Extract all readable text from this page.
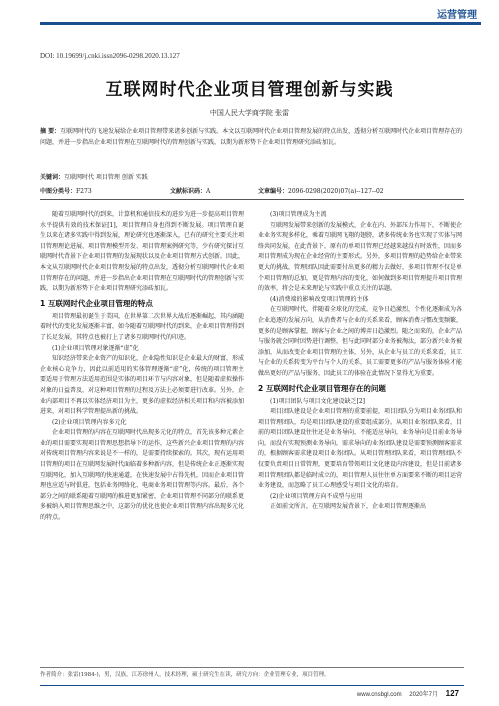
运营管理
DOI: 10.19699/j.cnki.issn2096-0298.2020.13.127
互联网时代企业项目管理创新与实践
中国人民大学商学院 张雷
摘 要：互联网时代的飞速发展给企业项目管理带来诸多创新与实践。本文以互联网时代企业项目管理发展的特点出发，透彻分析互联网时代企业项目管理存在的问题，并进一步指出企业项目管理在互联网时代的管理创新与实践，以期为新形势下企业项目管理研究添砖加瓦。
关键词：互联网时代 项目管理 创新 实践
中图分类号：F273	文献标识码：A	文章编号：2096-0298(2020)07(a)--127--02

随着互联网时代的到来，计算机和通信技术的进步为进一步提高项目管理水平提供有效的技术保证[1]，项目管理自身也得到不断发展。项目管理自诞生以来在诸多实践中得到发展，理论研究也逐渐深入，已有的研究主要关注项目管理理论进展、项目管理模型开发、项目管理案例研究等，少有研究探讨互联网时代背景下企业项目管理的发展现状以及企业项目管理方式创新。因此，本文从互联网时代企业项目管理发展的特点出发，透彻分析互联网时代企业项目管理存在的问题，并进一步指出企业项目管理在互联网时代的管理创新与实践，以期为新形势下企业项目管理研究添砖加瓦。

1 互联网时代企业项目管理的特点

项目管理最初诞生于美国，在世界第二次世界大战后逐渐崛起，其内涵随着时代的变化发展逐渐丰富，如今随着互联网时代的到来，企业项目管理得到了长足发展，其特点也被打上了诸多互联网时代的印迹。

(1)企业项目管理对象逐渐“虚”化

知识经济带来企业资产的知识化，企业隐性知识是企业最大的财富，形成企业核心竞争力，因此以前适用的实体管理逐渐“虚”化，传统的项目管理主要适用于管理方法适用范围是实体的项目环节与内容对象，但是随着虚拟操作对象的日益普及，对这种项目管理的过程及方法上必须要进行改革。另外，企业内部项目不再以实体经济项目为主，更多的虚拟经济相关项目和内容被添加进来，对项目科学管理提出新的挑战。

(2)企业项目管理内容多元化

企业项目管理的内容在互联网时代出现多元化的特点，首先该多种元素企业的项目需要实现项目管理思想指导下的运作，这些新兴企业项目管理的内容对传统项目管理内容来说是不一样的，是需要持续探索的。其次，现有运用项目管理的项目在互联网发展时代面临着多种新内容，但是传统企业正逐渐实现互联网化，加入互联网的快速通道，在快速发展中占得先机，因而企业项目管理也应适与时俱进，包括业务网络化、电商业务项目管理等内容。最后，各个部分之间的联系随着互联网的推进更加紧密，企业项目管理不同部分的联系更多被纳入项目管理思维之中，这部分的优化也使企业项目管理内容出现多元化的特点。

(3)项目管理成为主流

互联网发展带来创新的发展模式，企业在内、外部压力作用下，不断使企业业务实现多样化，乘着互联网飞翔的翅膀，诸多传统业务也实现了实体与网络共同发展，在此背景下，原有的单项目管理已经越来越没有时效性，因而多项目管理成为现在企业经营的主要形式。另外，多项目管理的趋势给企业带来更大的挑战，管理团队因此需要付出更多的精力去做好，多项目管理不仅是单个项目管理的总加，更是管理内容的变化，如何做到多项目管理提升项目管理的效率，将会是未来理论与实践中重点关注的话题。

(4)消费端的影响改变项目管理的主体

在互联网时代，伴随着全球化的完成，竞争日趋激烈，个性化逐渐成为各企业追逐的发展方向，从消费者与企业的关系来看，顾客消费习惯改变频繁，更多的是顾客掌握，顾客与企业之间的博弈日趋激烈。随之而来的，企业产品与服务就会同时因势进行调整，但与此同时部分业务被淘汰，部分新兴业务被添加，从而改变企业项目管理的主体，另外，从企业与员工的关系来看，员工与企业的关系转变为平台与个人的关系，员工需要更多的产品与服务体验才能做出更好的产品与服务，因此员工的体验在此情况下显得尤为重要。

2 互联网时代企业项目管理存在的问题

(1)项目团队与项目文化建设缺乏[2]

项目团队建设是企业项目管理的重要前提，项目团队分为项目业务团队和项目管理团队，均是项目团队建设的重要组成部分。从项目业务团队来看，目前的项目团队建设往往还是业务导向，不能适应导向，业务导向是目前业务导向，而没有实现预测业务导向，需求导向的业务团队建设是需要预测顾客需求的，根据顾客需求建设项目业务团队。从项目管理团队来看，项目管理团队不仅要负责项目日常管理，更要培育带领项目文化建设内容建设，但是目前诸多项目管理团队都是临时成立的，项目管理人员往往单方面要来不断的项目运营业务建设，而忽略了员工心理感受与项目文化的培育。

(2)企业项目管理方向不成型与应用

正如前文所言，在互联网发展背景下，企业项目管理逐渐出

作者简介：张雷(1984-)，男，汉族，江苏徐州人，技术经理，硕士研究生在读，研究方向：企业管理专业，项目管理。
www.cnsbgl.com 2020年7月 127
